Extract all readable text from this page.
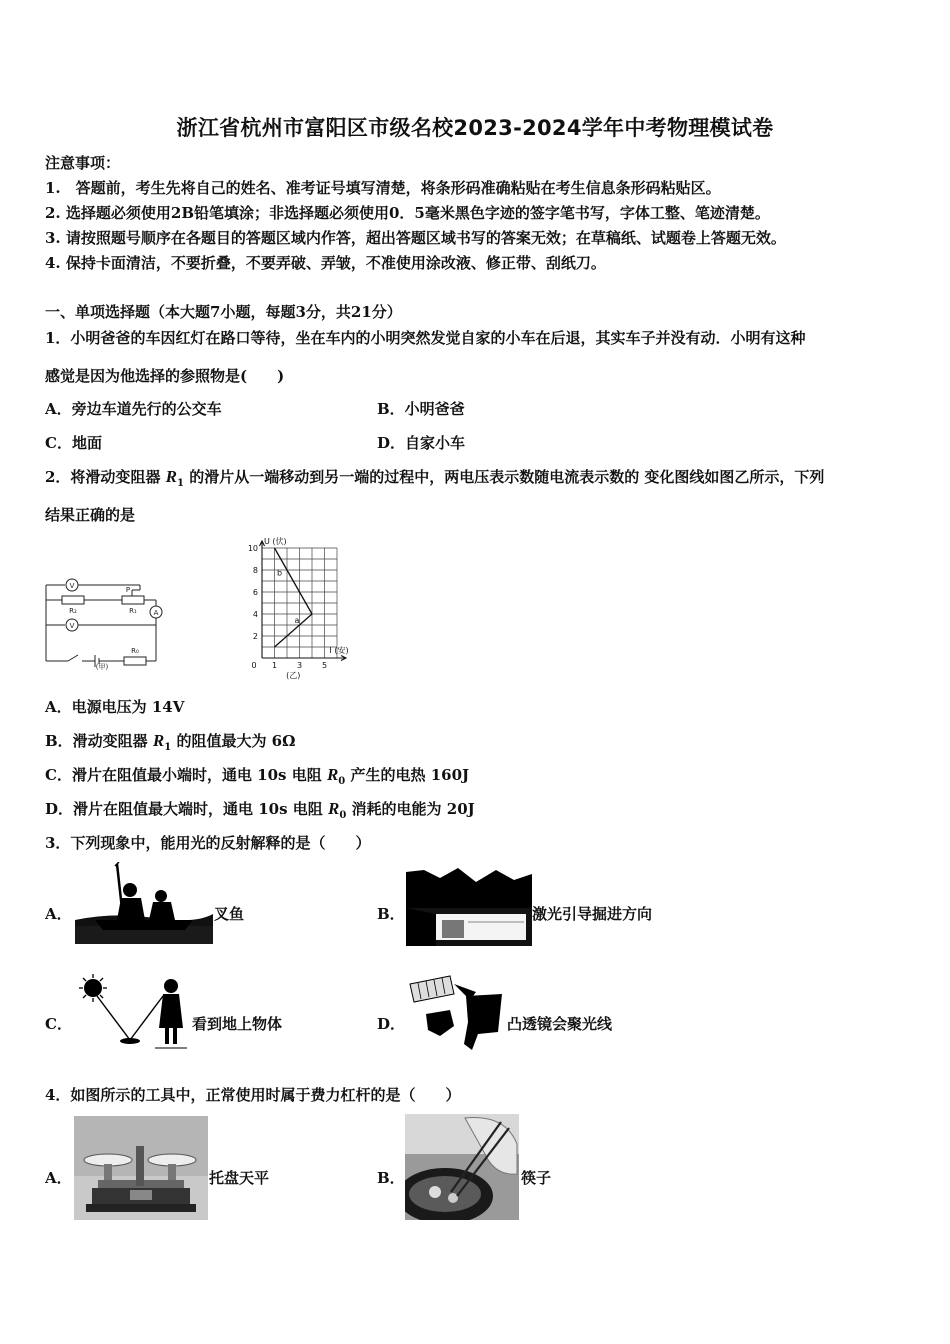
浙江省杭州市富阳区市级名校2023-2024学年中考物理模试卷
注意事项：
1.　答题前，考生先将自己的姓名、准考证号填写清楚，将条形码准确粘贴在考生信息条形码粘贴区。
2. 选择题必须使用2B铅笔填涂；非选择题必须使用0．5毫米黑色字迹的签字笔书写，字体工整、笔迹清楚。
3. 请按照题号顺序在各题目的答题区域内作答，超出答题区域书写的答案无效；在草稿纸、试题卷上答题无效。
4. 保持卡面清洁，不要折叠，不要弄破、弄皱，不准使用涂改液、修正带、刮纸刀。
一、单项选择题（本大题7小题，每题3分，共21分）
1．小明爸爸的车因红灯在路口等待，坐在车内的小明突然发觉自家的小车在后退，其实车子并没有动．小明有这种
感觉是因为他选择的参照物是(　　)
A．旁边车道先行的公交车	B．小明爸爸
C．地面	D．自家小车
2．将滑动变阻器 $R_1$ 的滑片从一端移动到另一端的过程中，两电压表示数随电流表示数的 变化图线如图乙所示，下列
结果正确的是
V
V
A
R₂	R₁
P
R₀
(甲)
10
8
6
4
2
0 1 3 5
U (伏)
I (安)
(乙)
a
b
A．电源电压为 14V
B．滑动变阻器 $R_1$ 的阻值最大为 6Ω
C．滑片在阻值最小端时，通电 10s 电阻 $R_0$ 产生的电热 160J
D．滑片在阻值最大端时，通电 10s 电阻 $R_0$ 消耗的电能为 20J
3．下列现象中，能用光的反射解释的是（　　）
A．	叉鱼	B．	激光引导掘进方向
C．	看到地上物体	D．	凸透镜会聚光线
4．如图所示的工具中，正常使用时属于费力杠杆的是（　　）
A．	托盘天平	B．	筷子
